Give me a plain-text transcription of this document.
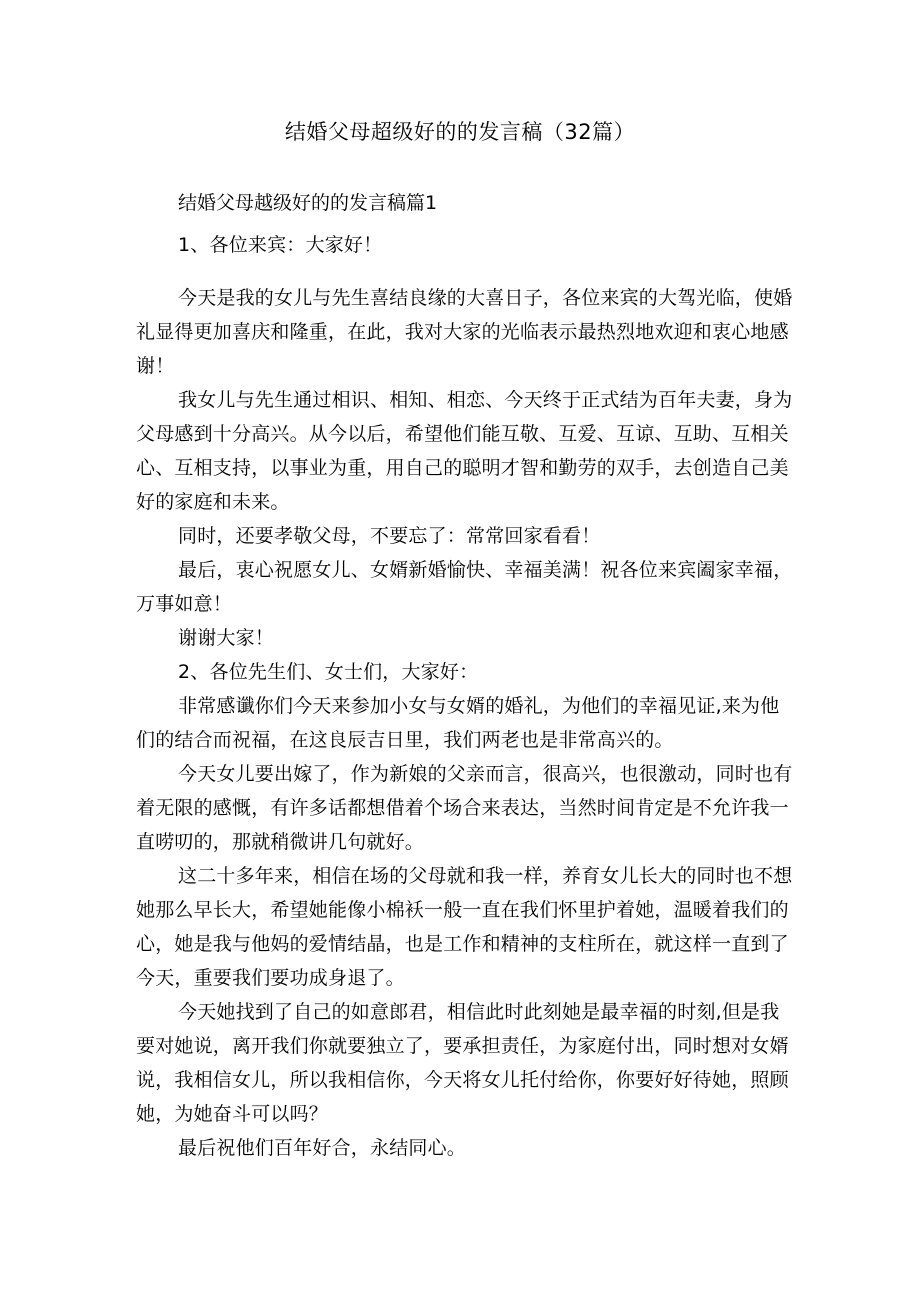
结婚父母超级好的的发言稿（32篇）
结婚父母越级好的的发言稿篇1

1、各位来宾：大家好！

今天是我的女儿与先生喜结良缘的大喜日子，各位来宾的大驾光临，使婚礼显得更加喜庆和隆重，在此，我对大家的光临表示最热烈地欢迎和衷心地感谢！

我女儿与先生通过相识、相知、相恋、今天终于正式结为百年夫妻，身为父母感到十分高兴。从今以后，希望他们能互敬、互爱、互谅、互助、互相关心、互相支持，以事业为重，用自己的聪明才智和勤劳的双手，去创造自己美好的家庭和未来。

同时，还要孝敬父母，不要忘了：常常回家看看！

最后，衷心祝愿女儿、女婿新婚愉快、幸福美满！祝各位来宾阖家幸福，万事如意！

谢谢大家！

2、各位先生们、女士们，大家好：

非常感谶你们今天来参加小女与女婿的婚礼，为他们的幸福见证,来为他们的结合而祝福，在这良辰吉日里，我们两老也是非常高兴的。

今天女儿要出嫁了，作为新娘的父亲而言，很高兴，也很激动，同时也有着无限的感慨，有许多话都想借着个场合来表达，当然时间肯定是不允许我一直唠叨的，那就稍微讲几句就好。

这二十多年来，相信在场的父母就和我一样，养育女儿长大的同时也不想她那么早长大，希望她能像小棉袄一般一直在我们怀里护着她，温暖着我们的心，她是我与他妈的爱情结晶，也是工作和精神的支柱所在，就这样一直到了今天，重要我们要功成身退了。

今天她找到了自己的如意郎君，相信此时此刻她是最幸福的时刻,但是我要对她说，离开我们你就要独立了，要承担责任，为家庭付出，同时想对女婿说，我相信女儿，所以我相信你，今天将女儿托付给你，你要好好待她，照顾她，为她奋斗可以吗？

最后祝他们百年好合，永结同心。
